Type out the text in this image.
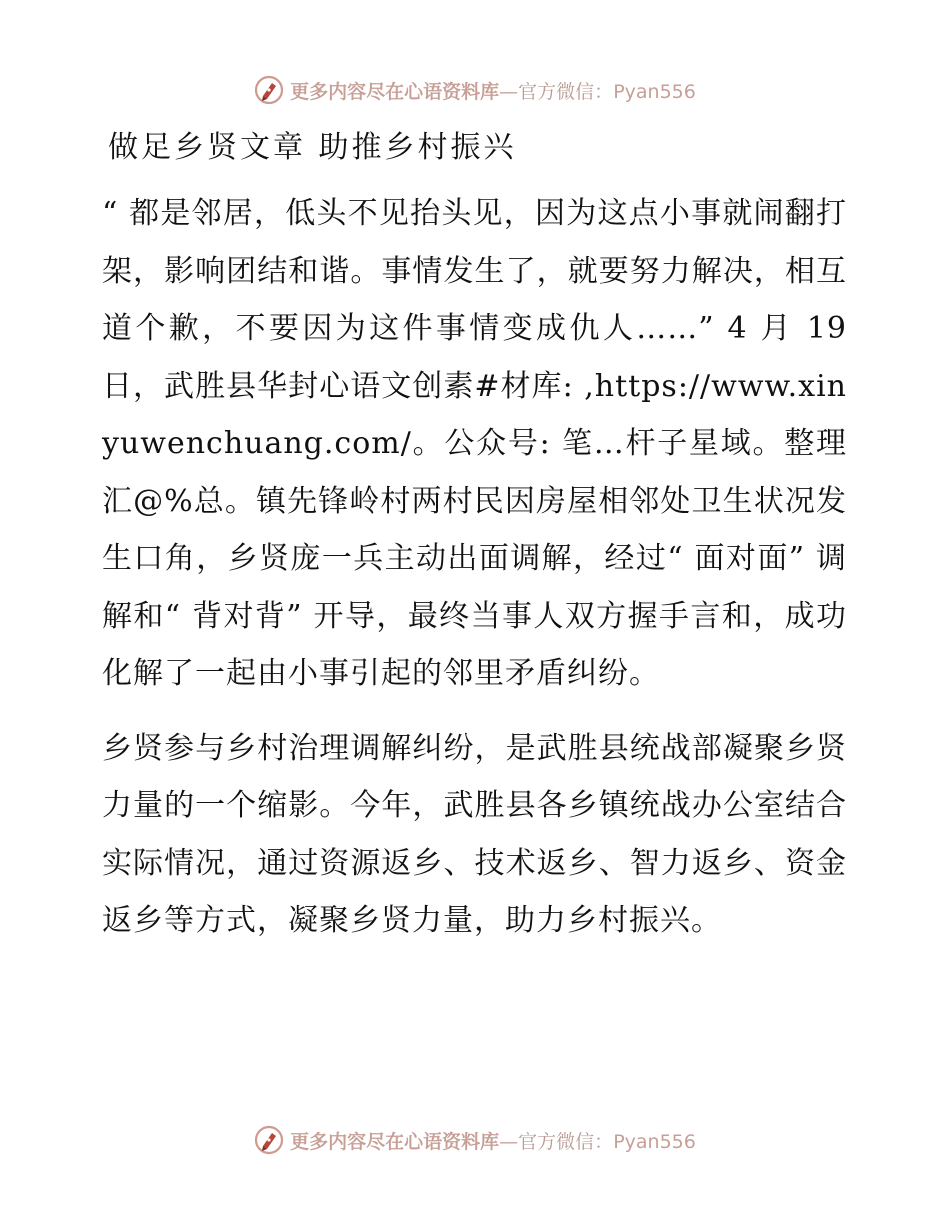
更多内容尽在心语资料库—官方微信：Pyan556
做足乡贤文章 助推乡村振兴

“ 都是邻居，低头不见抬头见，因为这点小事就闹翻打架，影响团结和谐。事情发生了，就要努力解决，相互道个歉，不要因为这件事情变成仇人……” 4 月 19 日，武胜县华封心语文创素#材库: ,https://www.xinyuwenchuang.com/。公众号: 笔…杆子星域。整理汇@%总。镇先锋岭村两村民因房屋相邻处卫生状况发生口角，乡贤庞一兵主动出面调解，经过“ 面对面” 调解和“ 背对背” 开导，最终当事人双方握手言和，成功化解了一起由小事引起的邻里矛盾纠纷。

乡贤参与乡村治理调解纠纷，是武胜县统战部凝聚乡贤力量的一个缩影。今年，武胜县各乡镇统战办公室结合实际情况，通过资源返乡、技术返乡、智力返乡、资金返乡等方式，凝聚乡贤力量，助力乡村振兴。

更多内容尽在心语资料库—官方微信：Pyan556
